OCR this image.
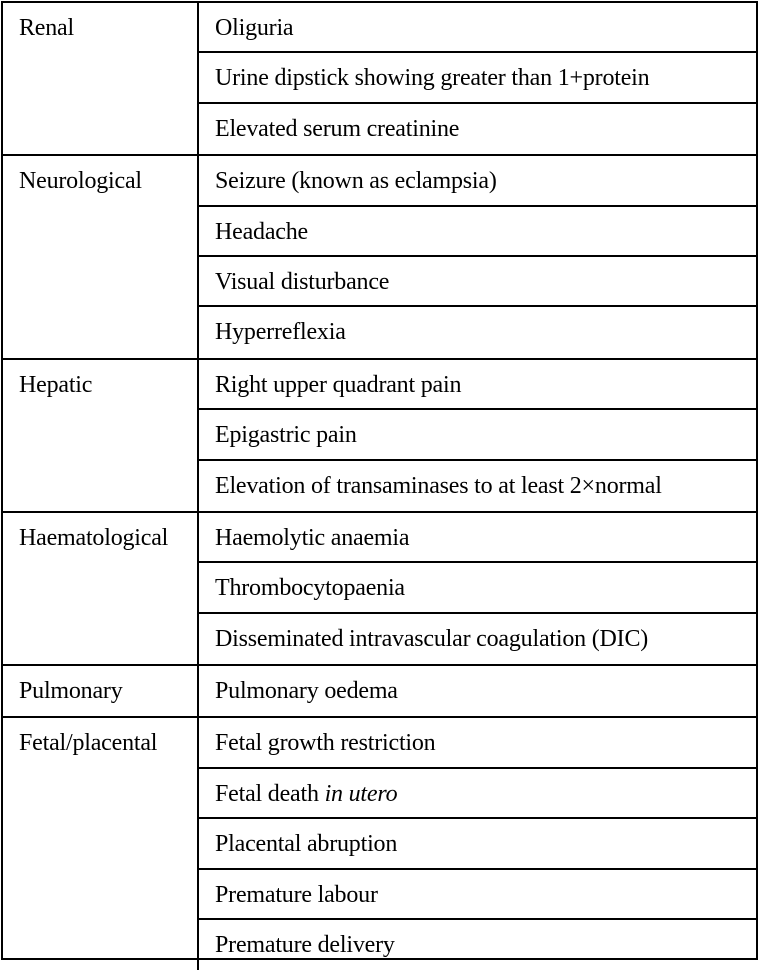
Renal	Oliguria
Urine dipstick showing greater than 1+protein
Elevated serum creatinine
Neurological	Seizure (known as eclampsia)
Headache
Visual disturbance
Hyperreflexia
Hepatic	Right upper quadrant pain
Epigastric pain
Elevation of transaminases to at least 2×normal
Haematological	Haemolytic anaemia
Thrombocytopaenia
Disseminated intravascular coagulation (DIC)
Pulmonary	Pulmonary oedema
Fetal/placental	Fetal growth restriction
Fetal death in utero
Placental abruption
Premature labour
Premature delivery
